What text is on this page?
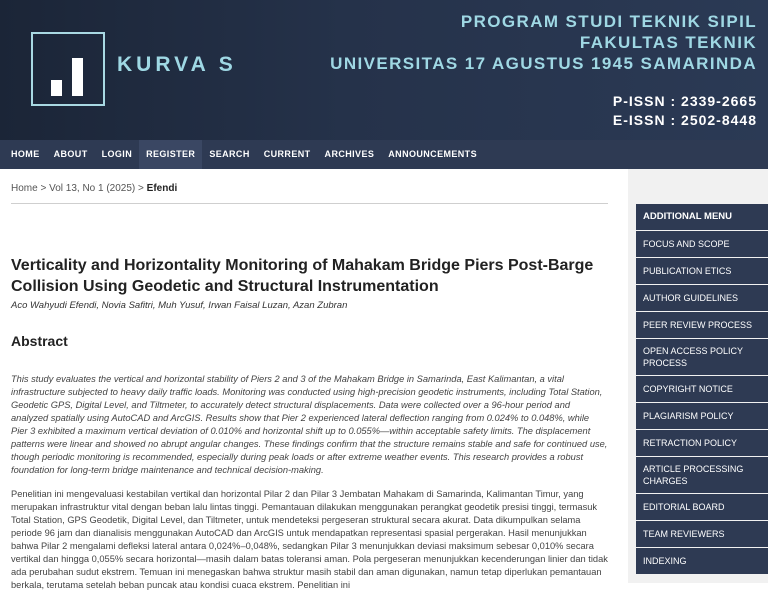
KURVA S
PROGRAM STUDI TEKNIK SIPIL
FAKULTAS TEKNIK
UNIVERSITAS 17 AGUSTUS 1945 SAMARINDA
P-ISSN : 2339-2665
E-ISSN : 2502-8448
HOME	ABOUT	LOGIN	REGISTER	SEARCH	CURRENT	ARCHIVES	ANNOUNCEMENTS
Home > Vol 13, No 1 (2025) > Efendi
Verticality and Horizontality Monitoring of Mahakam Bridge Piers Post-Barge Collision Using Geodetic and Structural Instrumentation
Aco Wahyudi Efendi, Novia Safitri, Muh Yusuf, Irwan Faisal Luzan, Azan Zubran
Abstract

This study evaluates the vertical and horizontal stability of Piers 2 and 3 of the Mahakam Bridge in Samarinda, East Kalimantan, a vital infrastructure subjected to heavy daily traffic loads. Monitoring was conducted using high-precision geodetic instruments, including Total Station, Geodetic GPS, Digital Level, and Tiltmeter, to accurately detect structural displacements. Data were collected over a 96-hour period and analyzed spatially using AutoCAD and ArcGIS. Results show that Pier 2 experienced lateral deflection ranging from 0.024% to 0.048%, while Pier 3 exhibited a maximum vertical deviation of 0.010% and horizontal shift up to 0.055%—within acceptable safety limits. The displacement patterns were linear and showed no abrupt angular changes. These findings confirm that the structure remains stable and safe for continued use, though periodic monitoring is recommended, especially during peak loads or after extreme weather events. This research provides a robust foundation for long-term bridge maintenance and technical decision-making.

Penelitian ini mengevaluasi kestabilan vertikal dan horizontal Pilar 2 dan Pilar 3 Jembatan Mahakam di Samarinda, Kalimantan Timur, yang merupakan infrastruktur vital dengan beban lalu lintas tinggi. Pemantauan dilakukan menggunakan perangkat geodetik presisi tinggi, termasuk Total Station, GPS Geodetik, Digital Level, dan Tiltmeter, untuk mendeteksi pergeseran struktural secara akurat. Data dikumpulkan selama periode 96 jam dan dianalisis menggunakan AutoCAD dan ArcGIS untuk mendapatkan representasi spasial pergerakan. Hasil menunjukkan bahwa Pilar 2 mengalami defleksi lateral antara 0,024%–0,048%, sedangkan Pilar 3 menunjukkan deviasi maksimum sebesar 0,010% secara vertikal dan hingga 0,055% secara horizontal—masih dalam batas toleransi aman. Pola pergeseran menunjukkan kecenderungan linier dan tidak ada perubahan sudut ekstrem. Temuan ini menegaskan bahwa struktur masih stabil dan aman digunakan, namun tetap diperlukan pemantauan berkala, terutama setelah beban puncak atau kondisi cuaca ekstrem. Penelitian ini

ADDITIONAL MENU
FOCUS AND SCOPE
PUBLICATION ETICS
AUTHOR GUIDELINES
PEER REVIEW PROCESS
OPEN ACCESS POLICY PROCESS
COPYRIGHT NOTICE
PLAGIARISM POLICY
RETRACTION POLICY
ARTICLE PROCESSING CHARGES
EDITORIAL BOARD
TEAM REVIEWERS
INDEXING
